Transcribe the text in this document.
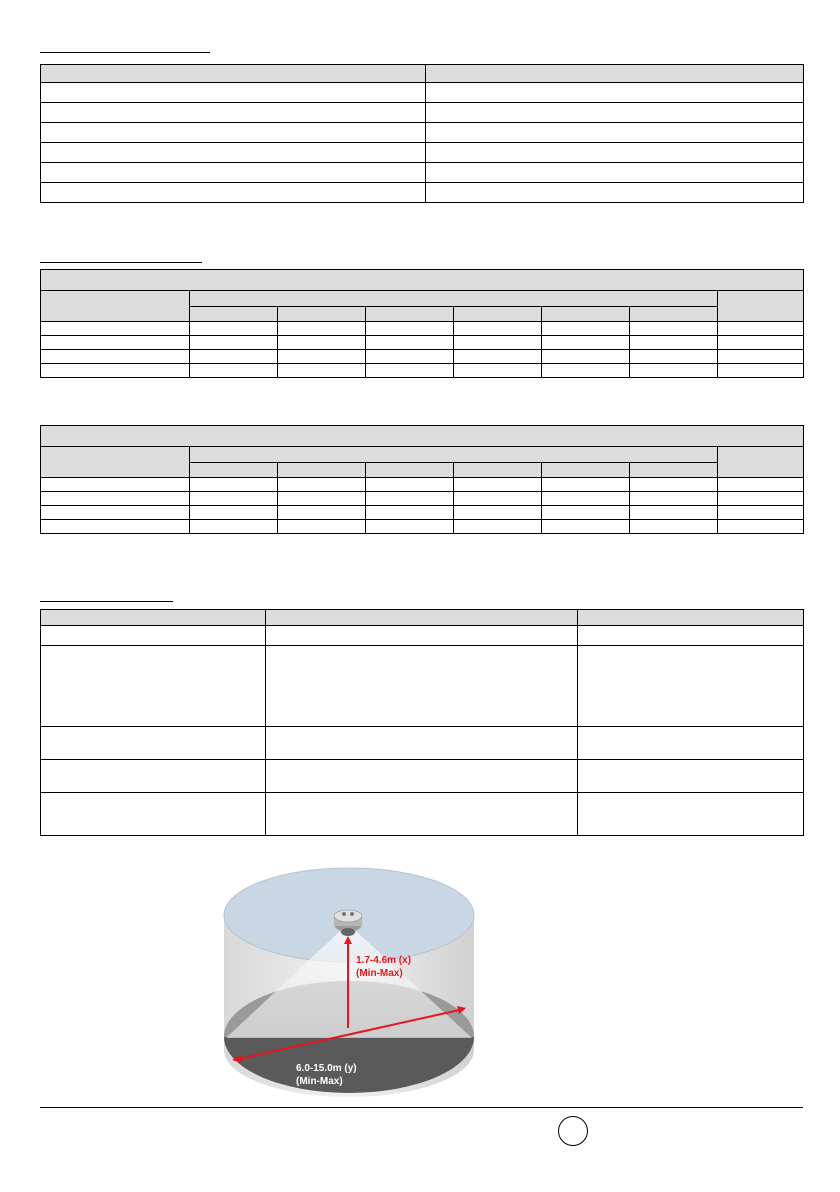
1.7-4.6m (x)
(Min-Max)
6.0-15.0m (y)
(Min-Max)
